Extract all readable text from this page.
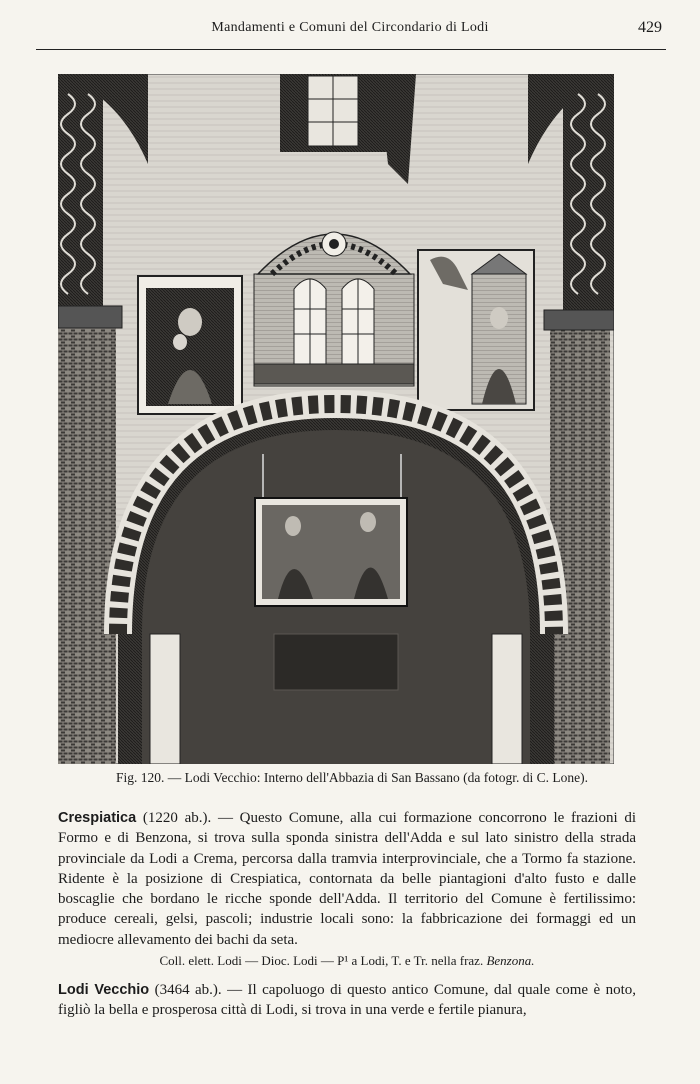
Mandamenti e Comuni del Circondario di Lodi	429
Fig. 120. — Lodi Vecchio: Interno dell'Abbazia di San Bassano (da fotogr. di C. Lone).

Crespiatica (1220 ab.). — Questo Comune, alla cui formazione concorrono le frazioni di Formo e di Benzona, si trova sulla sponda sinistra dell'Adda e sul lato sinistro della strada provinciale da Lodi a Crema, percorsa dalla tramvia interprovinciale, che a Tormo fa stazione. Ridente è la posizione di Crespiatica, contornata da belle piantagioni d'alto fusto e dalle boscaglie che bordano le ricche sponde dell'Adda. Il territorio del Comune è fertilissimo: produce cereali, gelsi, pascoli; industrie locali sono: la fabbricazione dei formaggi ed un mediocre allevamento dei bachi da seta.

Coll. elett. Lodi — Dioc. Lodi — P¹ a Lodi, T. e Tr. nella fraz. Benzona.

Lodi Vecchio (3464 ab.). — Il capoluogo di questo antico Comune, dal quale come è noto, figliò la bella e prosperosa città di Lodi, si trova in una verde e fertile pianura,
